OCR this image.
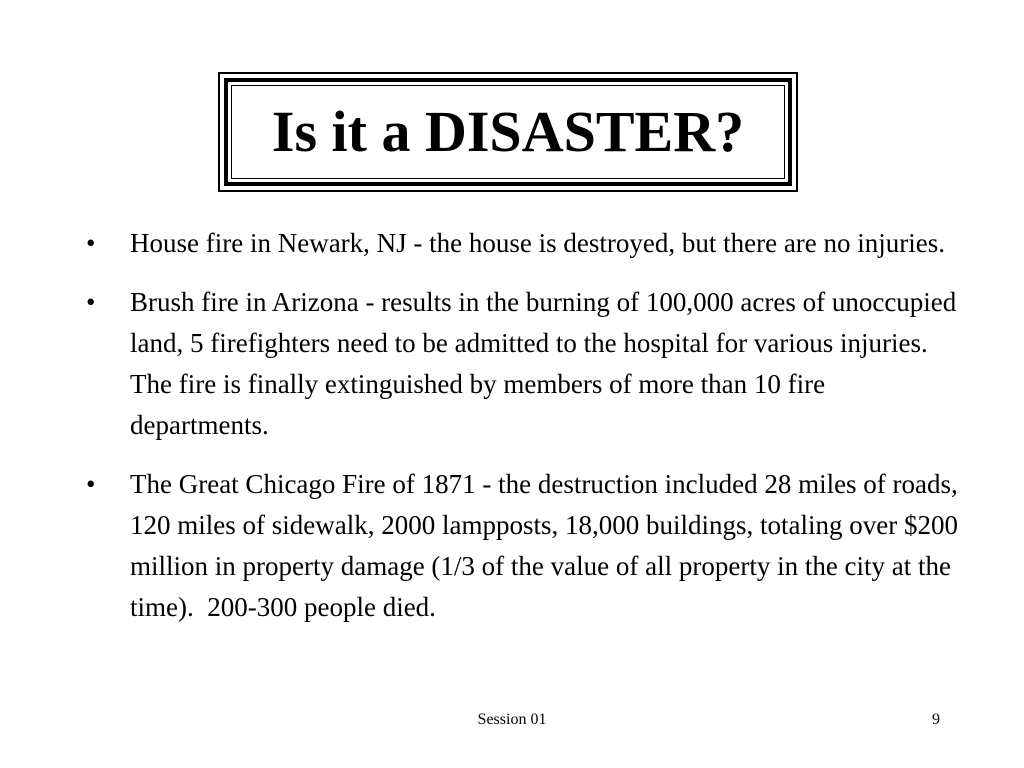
Is it a DISASTER?
•	House fire in Newark, NJ - the house is destroyed, but there are no injuries.
•	Brush fire in Arizona - results in the burning of 100,000 acres of unoccupied land, 5 firefighters need to be admitted to the hospital for various injuries.  The fire is finally extinguished by members of more than 10 fire departments.
•	The Great Chicago Fire of 1871 - the destruction included 28 miles of roads, 120 miles of sidewalk, 2000 lampposts, 18,000 buildings, totaling over $200 million in property damage (1/3 of the value of all property in the city at the time).  200-300 people died.
Session 01	9
